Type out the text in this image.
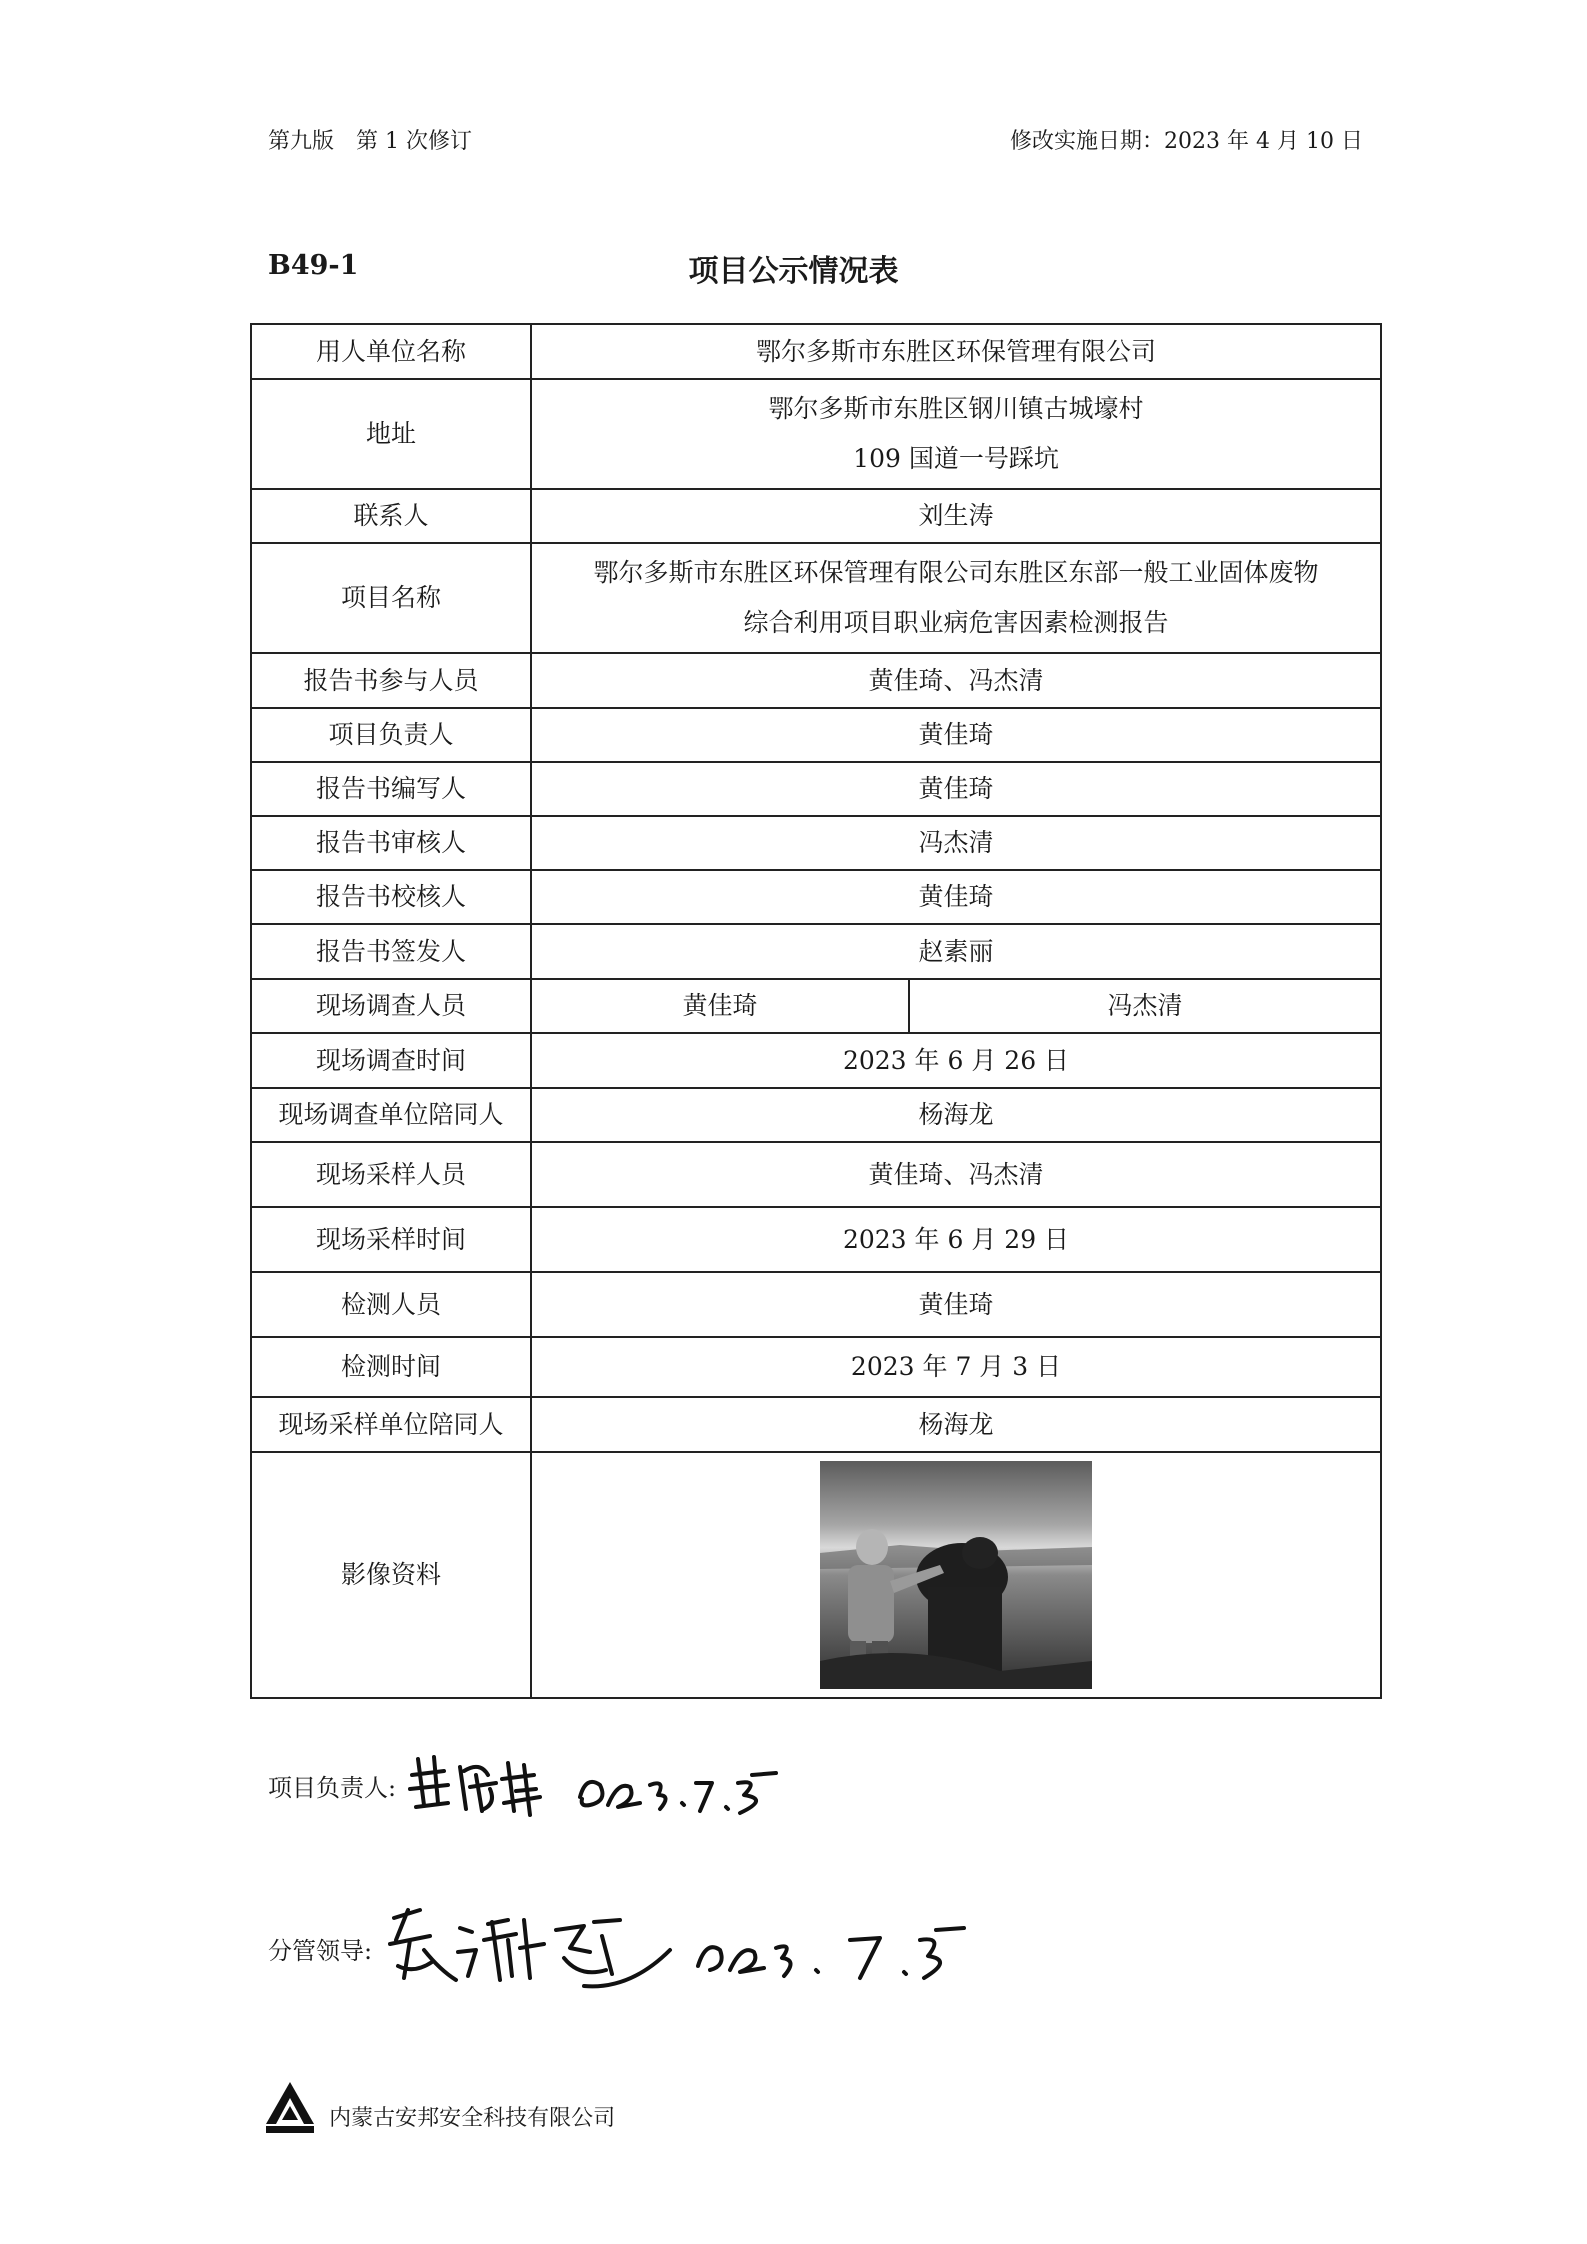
第九版　第 1 次修订	修改实施日期：2023 年 4 月 10 日
B49-1	项目公示情况表
用人单位名称	鄂尔多斯市东胜区环保管理有限公司	
地址	鄂尔多斯市东胜区钢川镇古城壕村
109 国道一号踩坑	

联系人	刘生涛	
项目名称	鄂尔多斯市东胜区环保管理有限公司东胜区东部一般工业固体废物
综合利用项目职业病危害因素检测报告	

报告书参与人员	黄佳琦、冯杰清	
项目负责人	黄佳琦	
报告书编写人	黄佳琦	
报告书审核人	冯杰清	
报告书校核人	黄佳琦	
报告书签发人	赵素丽	
现场调查人员	黄佳琦	冯杰清
现场调查时间	2023 年 6 月 26 日	
现场调查单位陪同人	杨海龙	
现场采样人员	黄佳琦、冯杰清	
现场采样时间	2023 年 6 月 29 日	
检测人员	黄佳琦	
检测时间	2023 年 7 月 3 日	
现场采样单位陪同人	杨海龙	
影像资料	
项目负责人:
分管领导:
内蒙古安邦安全科技有限公司
